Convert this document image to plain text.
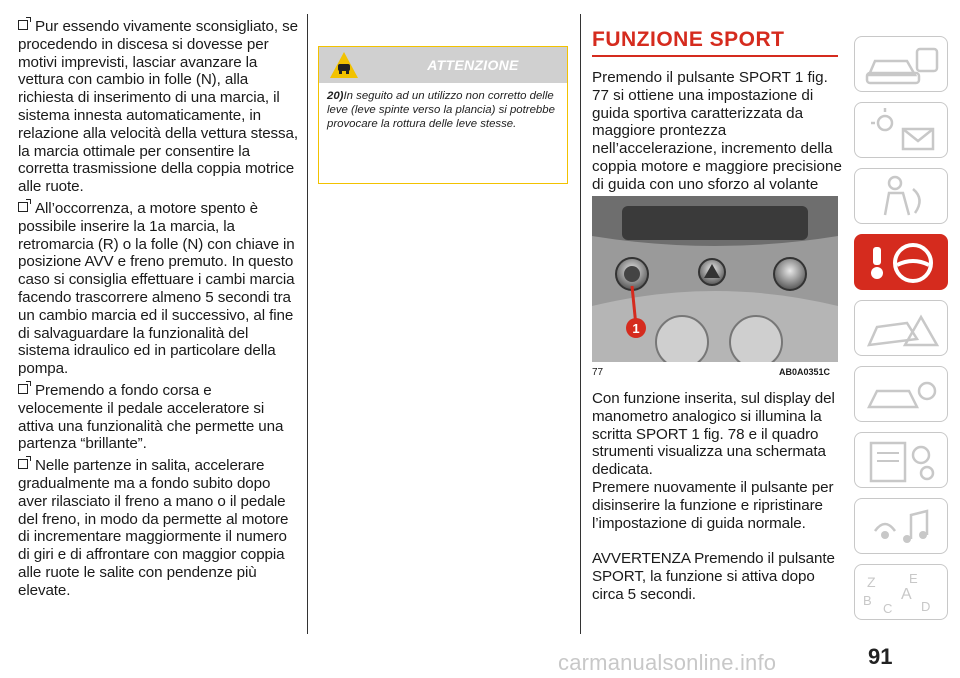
Pur essendo vivamente sconsigliato, se procedendo in discesa si dovesse per motivi imprevisti, lasciar avanzare la vettura con cambio in folle (N), alla richiesta di inserimento di una marcia, il sistema innesta automaticamente, in relazione alla velocità della vettura stessa, la marcia ottimale per consentire la corretta trasmissione della coppia motrice alle ruote.

All’occorrenza, a motore spento è possibile inserire la 1a marcia, la retromarcia (R) o la folle (N) con chiave in posizione AVV e freno premuto. In questo caso si consiglia effettuare i cambi marcia facendo trascorrere almeno 5 secondi tra un cambio marcia ed il successivo, al fine di salvaguardare la funzionalità del sistema idraulico ed in particolare della pompa.

Premendo a fondo corsa e velocemente il pedale acceleratore si attiva una funzionalità che permette una partenza “brillante”.

Nelle partenze in salita, accelerare gradualmente ma a fondo subito dopo aver rilasciato il freno a mano o il pedale del freno, in modo da permette al motore di incrementare maggiormente il numero di giri e di affrontare con maggior coppia alle ruote le salite con pendenze più elevate.

ATTENZIONE
20)In seguito ad un utilizzo non corretto delle leve (leve spinte verso la plancia) si potrebbe provocare la rottura delle leve stesse.
FUNZIONE SPORT

Premendo il pulsante SPORT 1 fig. 77 si ottiene una impostazione di guida sportiva caratterizzata da maggiore prontezza nell’accelerazione, incremento della coppia motore e maggiore precisione di guida con uno sforzo al volante

1
77	AB0A0351C

Con funzione inserita, sul display del manometro analogico si illumina la scritta SPORT 1 fig. 78 e il quadro strumenti visualizza una schermata dedicata.

Premere nuovamente il pulsante per disinserire la funzione e ripristinare l’impostazione di guida normale.

AVVERTENZA Premendo il pulsante SPORT, la funzione si attiva dopo circa 5 secondi.

Z	E
A
B
C D
carmanualsonline.info	91
